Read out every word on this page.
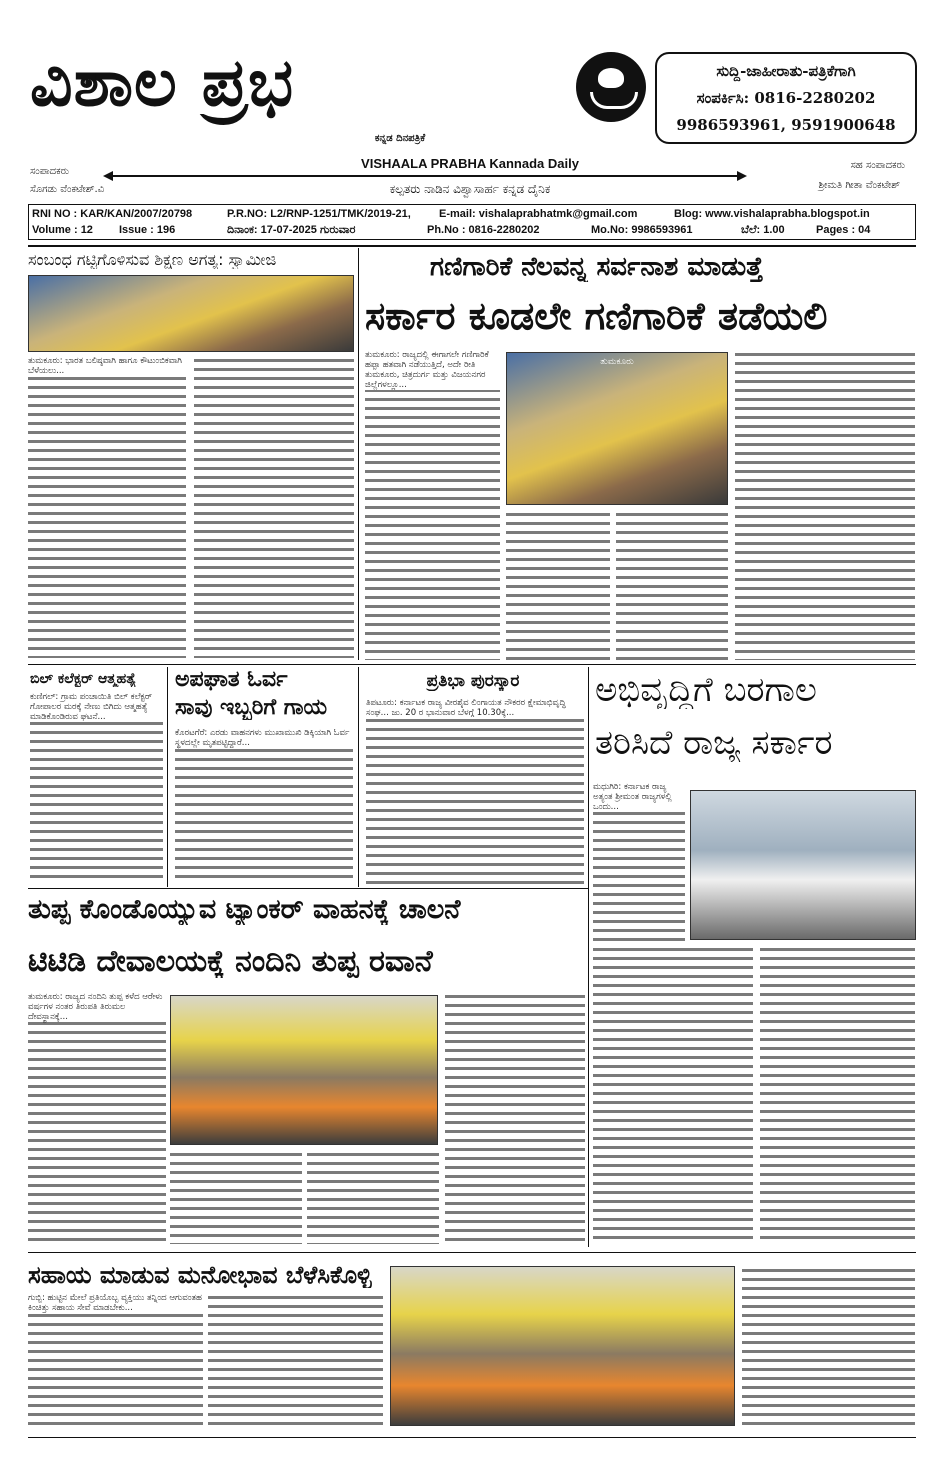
ವಿಶಾಲ ಪ್ರಭ
ಕನ್ನಡ ದಿನಪತ್ರಿಕೆ
ಸುದ್ದಿ-ಜಾಹೀರಾತು-ಪತ್ರಿಕೆಗಾಗಿ
ಸಂಪರ್ಕಿಸಿ: 0816-2280202
9986593961, 9591900648
ಸಂಪಾದಕರು
ಸೊಗಡು ವೆಂಕಟೇಶ್.ವಿ
VISHAALA PRABHA Kannada Daily
ಕಲ್ಪತರು ನಾಡಿನ ವಿಶ್ವಾಸಾರ್ಹ ಕನ್ನಡ ದೈನಿಕ
ಸಹ ಸಂಪಾದಕರು
ಶ್ರೀಮತಿ ಗೀತಾ ವೆಂಕಟೇಶ್
RNI NO : KAR/KAN/2007/20798	P.R.NO: L2/RNP-1251/TMK/2019-21,	E-mail: vishalaprabhatmk@gmail.com	Blog: www.vishalaprabha.blogspot.in
Volume : 12 Issue : 196	ದಿನಾಂಕ: 17-07-2025 ಗುರುವಾರ	Ph.No : 0816-2280202	Mo.No: 9986593961	ಬೆಲೆ: 1.00	Pages : 04
ಸಂಬಂಧ ಗಟ್ಟಿಗೊಳಿಸುವ ಶಿಕ್ಷಣ ಅಗತ್ಯ: ಸ್ವಾಮೀಜಿ
ತುಮಕೂರು: ಭಾರತ ಬಲಿಷ್ಠವಾಗಿ ಹಾಗೂ ಕೌಟುಂಬಿಕವಾಗಿ ಬೆಳೆಯಲು...
ಗಣಿಗಾರಿಕೆ ನೆಲವನ್ನ ಸರ್ವನಾಶ ಮಾಡುತ್ತೆ
ಸರ್ಕಾರ ಕೂಡಲೇ ಗಣಿಗಾರಿಕೆ ತಡೆಯಲಿ
ತುಮಕೂರು: ರಾಜ್ಯದಲ್ಲಿ ಈಗಾಗಲೇ ಗಣಿಗಾರಿಕೆ ಹಪ್ಪಾ ಹತವಾಗಿ ನಡೆಯುತ್ತಿದೆ, ಅದೇ ರೀತಿ ತುಮಕೂರು, ಚಿತ್ರದುರ್ಗ ಮತ್ತು ವಿಜಯನಗರ ಜಿಲ್ಲೆಗಳಲ್ಲೂ...
ತುಮಕೂರು
ಬಿಲ್ ಕಲೆಕ್ಟರ್ ಆತ್ಮಹತ್ಯೆ
ಕುಣಿಗಲ್: ಗ್ರಾಮ ಪಂಚಾಯಿತಿ ಬಿಲ್ ಕಲೆಕ್ಟರ್ ಗೋಪಾಲರ ಮರಕ್ಕೆ ನೇಣು ಬಿಗಿದು ಆತ್ಮಹತ್ಯೆ ಮಾಡಿಕೊಂಡಿರುವ ಘಟನೆ...
ಅಪಘಾತ ಓರ್ವ
ಸಾವು ಇಬ್ಬರಿಗೆ ಗಾಯ
ಕೊರಟಗೆರೆ: ಎರಡು ವಾಹನಗಳು ಮುಖಾಮುಖಿ ಡಿಕ್ಕಿಯಾಗಿ ಓರ್ವ ಸ್ಥಳದಲ್ಲೇ ಮೃತಪಟ್ಟಿದ್ದಾರೆ...
ಪ್ರತಿಭಾ ಪುರಸ್ಕಾರ
ತಿಪಟೂರು: ಕರ್ನಾಟಕ ರಾಜ್ಯ ವೀರಶೈವ ಲಿಂಗಾಯತ ನೌಕರರ ಕ್ಷೇಮಾಭಿವೃದ್ಧಿ ಸಂಘ... ಜು. 20 ರ ಭಾನುವಾರ ಬೆಳಗ್ಗೆ 10.30ಕ್ಕೆ...
ಅಭಿವೃದ್ಧಿಗೆ ಬರಗಾಲ
ತರಿಸಿದೆ ರಾಜ್ಯ ಸರ್ಕಾರ
ಮಧುಗಿರಿ: ಕರ್ನಾಟಕ ರಾಜ್ಯ ಅತ್ಯಂತ ಶ್ರೀಮಂತ ರಾಜ್ಯಗಳಲ್ಲಿ ಒಂದು...
ತುಪ್ಪ ಕೊಂಡೊಯ್ಯುವ ಟ್ಯಾಂಕರ್ ವಾಹನಕ್ಕೆ ಚಾಲನೆ
ಟಿಟಿಡಿ ದೇವಾಲಯಕ್ಕೆ ನಂದಿನಿ ತುಪ್ಪ ರವಾನೆ
ತುಮಕೂರು: ರಾಜ್ಯದ ನಂದಿನಿ ತುಪ್ಪ ಕಳೆದ ಆರೇಳು ವರ್ಷಗಳ ನಂತರ ತಿರುಪತಿ ತಿರುಮಲ ದೇವಸ್ಥಾನಕ್ಕೆ...
ಸಹಾಯ ಮಾಡುವ ಮನೋಭಾವ ಬೆಳೆಸಿಕೊಳ್ಳಿ
ಗುಬ್ಬಿ: ಹುಟ್ಟಿನ ಮೇಲೆ ಪ್ರತಿಯೊಬ್ಬ ವ್ಯಕ್ತಿಯು ತನ್ನಿಂದ ಆಗುವಂತಹ ಕಿಂಚಿತ್ತು ಸಹಾಯ ಸೇವೆ ಮಾಡಬೇಕು...
